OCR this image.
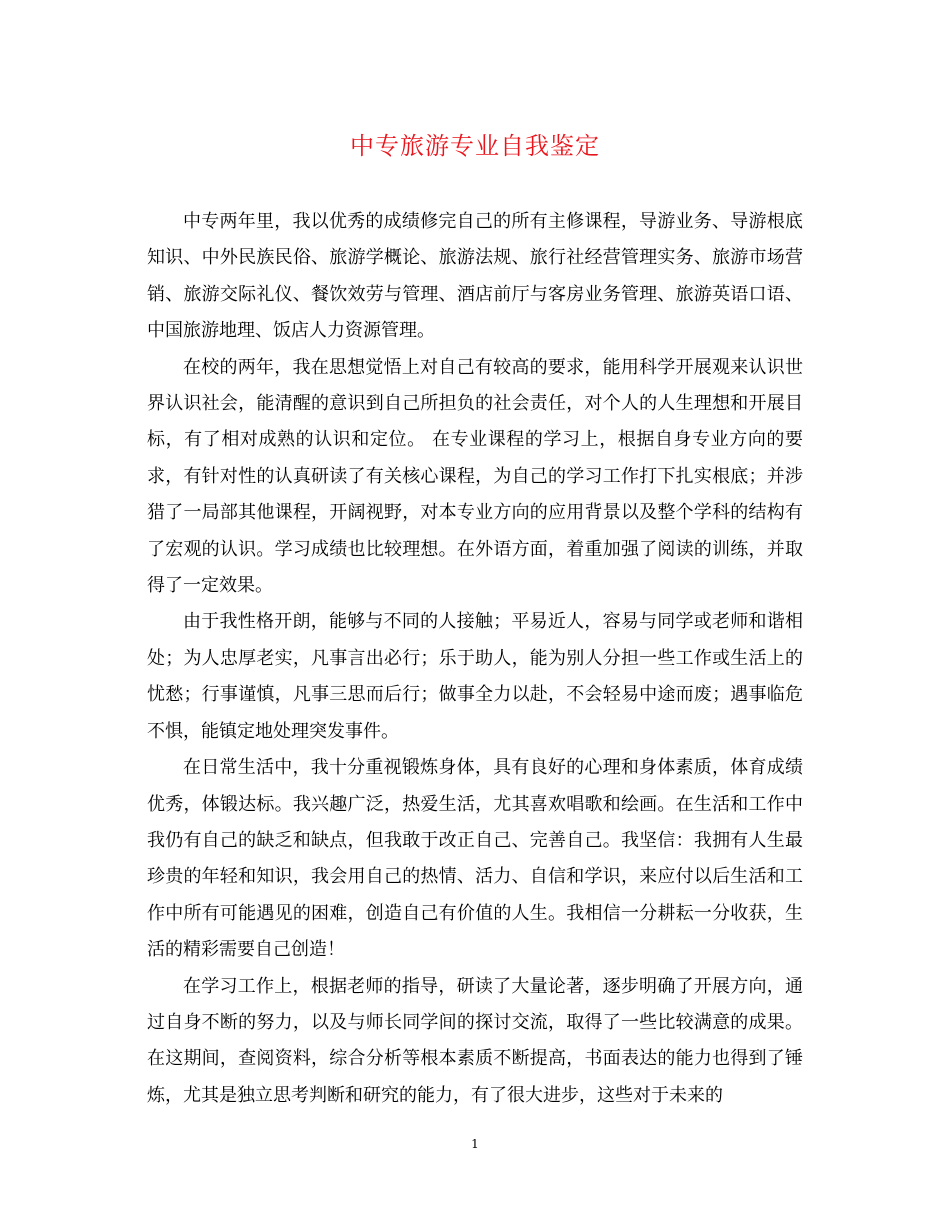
中专旅游专业自我鉴定

中专两年里，我以优秀的成绩修完自己的所有主修课程，导游业务、导游根底知识、中外民族民俗、旅游学概论、旅游法规、旅行社经营管理实务、旅游市场营销、旅游交际礼仪、餐饮效劳与管理、酒店前厅与客房业务管理、旅游英语口语、中国旅游地理、饭店人力资源管理。

在校的两年，我在思想觉悟上对自己有较高的要求，能用科学开展观来认识世界认识社会，能清醒的意识到自己所担负的社会责任，对个人的人生理想和开展目标，有了相对成熟的认识和定位。 在专业课程的学习上，根据自身专业方向的要求，有针对性的认真研读了有关核心课程，为自己的学习工作打下扎实根底；并涉猎了一局部其他课程，开阔视野，对本专业方向的应用背景以及整个学科的结构有了宏观的认识。学习成绩也比较理想。在外语方面，着重加强了阅读的训练，并取得了一定效果。

由于我性格开朗，能够与不同的人接触；平易近人，容易与同学或老师和谐相处；为人忠厚老实，凡事言出必行；乐于助人，能为别人分担一些工作或生活上的忧愁；行事谨慎，凡事三思而后行；做事全力以赴，不会轻易中途而废；遇事临危不惧，能镇定地处理突发事件。

在日常生活中，我十分重视锻炼身体，具有良好的心理和身体素质，体育成绩优秀，体锻达标。我兴趣广泛，热爱生活，尤其喜欢唱歌和绘画。在生活和工作中我仍有自己的缺乏和缺点，但我敢于改正自己、完善自己。我坚信：我拥有人生最珍贵的年轻和知识，我会用自己的热情、活力、自信和学识，来应付以后生活和工作中所有可能遇见的困难，创造自己有价值的人生。我相信一分耕耘一分收获，生活的精彩需要自己创造！

在学习工作上，根据老师的指导，研读了大量论著，逐步明确了开展方向，通过自身不断的努力，以及与师长同学间的探讨交流，取得了一些比较满意的成果。在这期间，查阅资料，综合分析等根本素质不断提高，书面表达的能力也得到了锤炼，尤其是独立思考判断和研究的能力，有了很大进步，这些对于未来的

1
